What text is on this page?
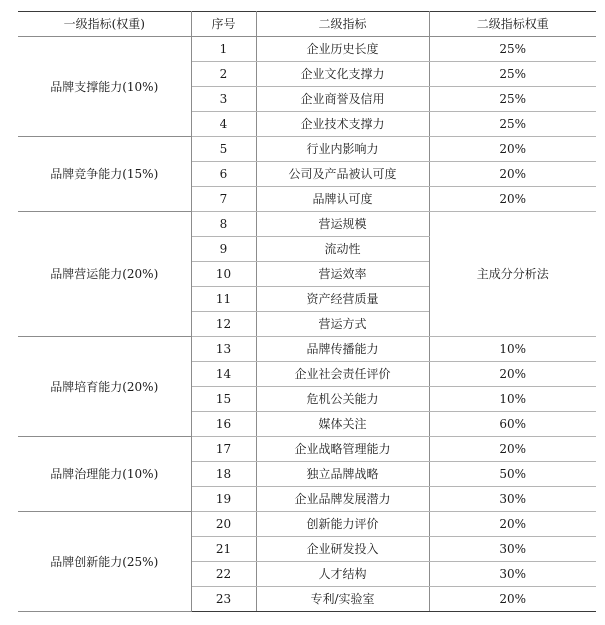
一级指标(权重)	序号	二级指标	二级指标权重
品牌支撑能力(10%)	1	企业历史长度	25%
	2	企业文化支撑力	25%
	3	企业商誉及信用	25%
	4	企业技术支撑力	25%
品牌竞争能力(15%)	5	行业内影响力	20%
	6	公司及产品被认可度	20%
	7	品牌认可度	20%
品牌营运能力(20%)	8	营运规模	主成分分析法
	9	流动性	
	10	营运效率	
	11	资产经营质量	
	12	营运方式	
品牌培育能力(20%)	13	品牌传播能力	10%
	14	企业社会责任评价	20%
	15	危机公关能力	10%
	16	媒体关注	60%
品牌治理能力(10%)	17	企业战略管理能力	20%
	18	独立品牌战略	50%
	19	企业品牌发展潜力	30%
品牌创新能力(25%)	20	创新能力评价	20%
	21	企业研发投入	30%
	22	人才结构	30%
	23	专利/实验室	20%
